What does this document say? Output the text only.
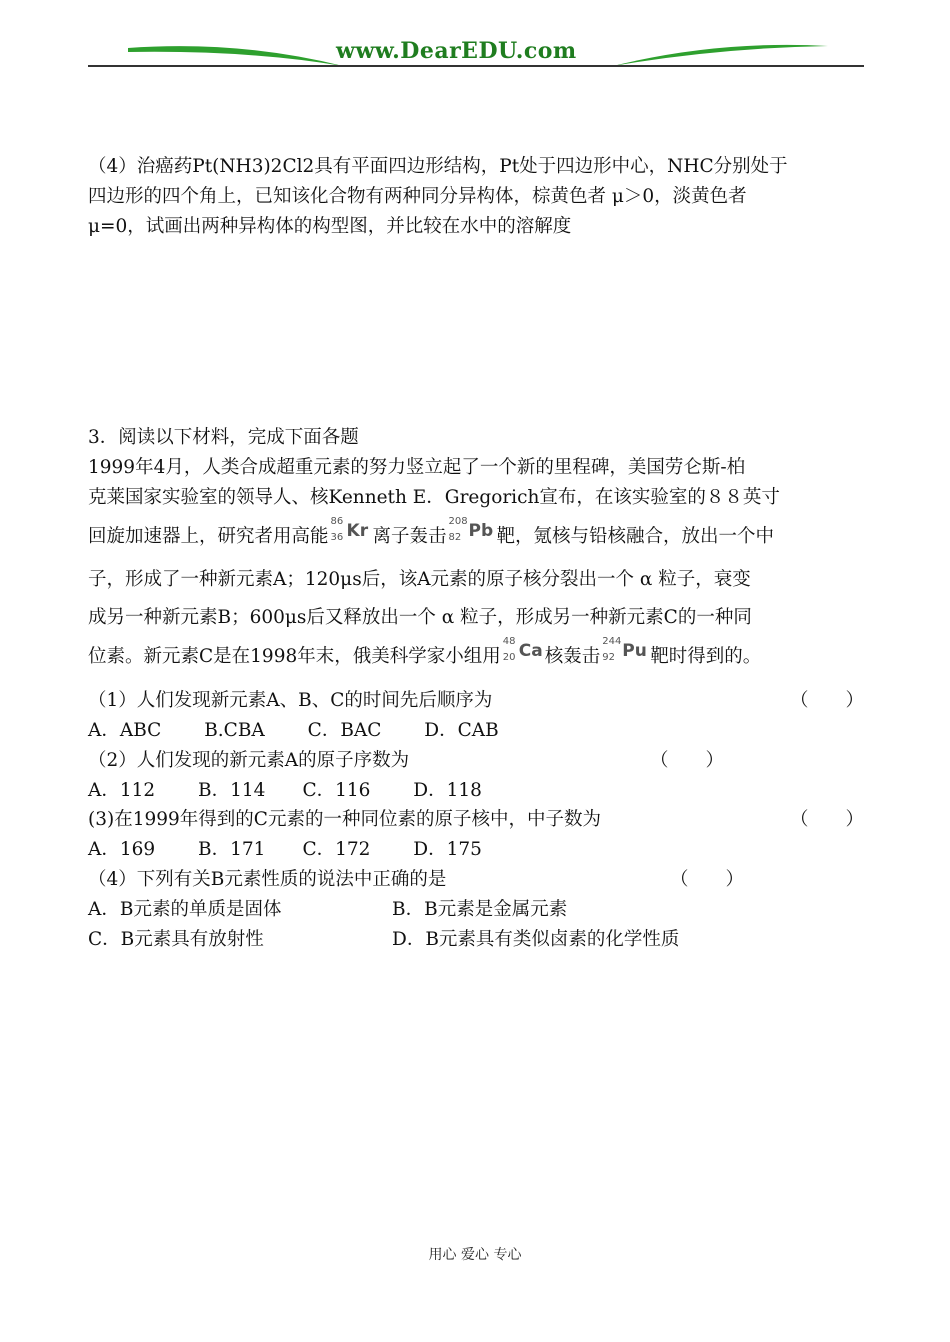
www.DearEDU.com
（4）治癌药Pt(NH3)2Cl2具有平面四边形结构，Pt处于四边形中心，NHC分别处于
四边形的四个角上，已知该化合物有两种同分异构体，棕黄色者 μ＞0，淡黄色者
μ=0，试画出两种异构体的构型图，并比较在水中的溶解度
3．阅读以下材料，完成下面各题
1999年4月，人类合成超重元素的努力竖立起了一个新的里程碑，美国劳仑斯-柏
克莱国家实验室的领导人、核Kenneth E．Gregorich宣布，在该实验室的８８英寸
回旋加速器上，研究者用高能
86
36 Kr 离子轰击
208
82 Pb 靶，氪核与铅核融合，放出一个中
子，形成了一种新元素A；120μs后，该A元素的原子核分裂出一个 α 粒子，衰变
成另一种新元素B；600μs后又释放出一个 α 粒子，形成另一种新元素C的一种同
位素。新元素C是在1998年末，俄美科学家小组用
48
20 Ca 核轰击
244
92 Pu 靶时得到的。
（1）人们发现新元素A、B、C的时间先后顺序为	（　　）
A．ABC　　 B.CBA　　 C．BAC　　 D．CAB
（2）人们发现的新元素A的原子序数为	（　　）
A．112　　 B．114　　C．116　　 D．118
(3)在1999年得到的C元素的一种同位素的原子核中，中子数为	（　　）
A．169　　 B．171　　C．172　　 D．175
（4）下列有关B元素性质的说法中正确的是	（　　）
A．B元素的单质是固体	B．B元素是金属元素
C．B元素具有放射性	D．B元素具有类似卤素的化学性质
用心 爱心 专心
